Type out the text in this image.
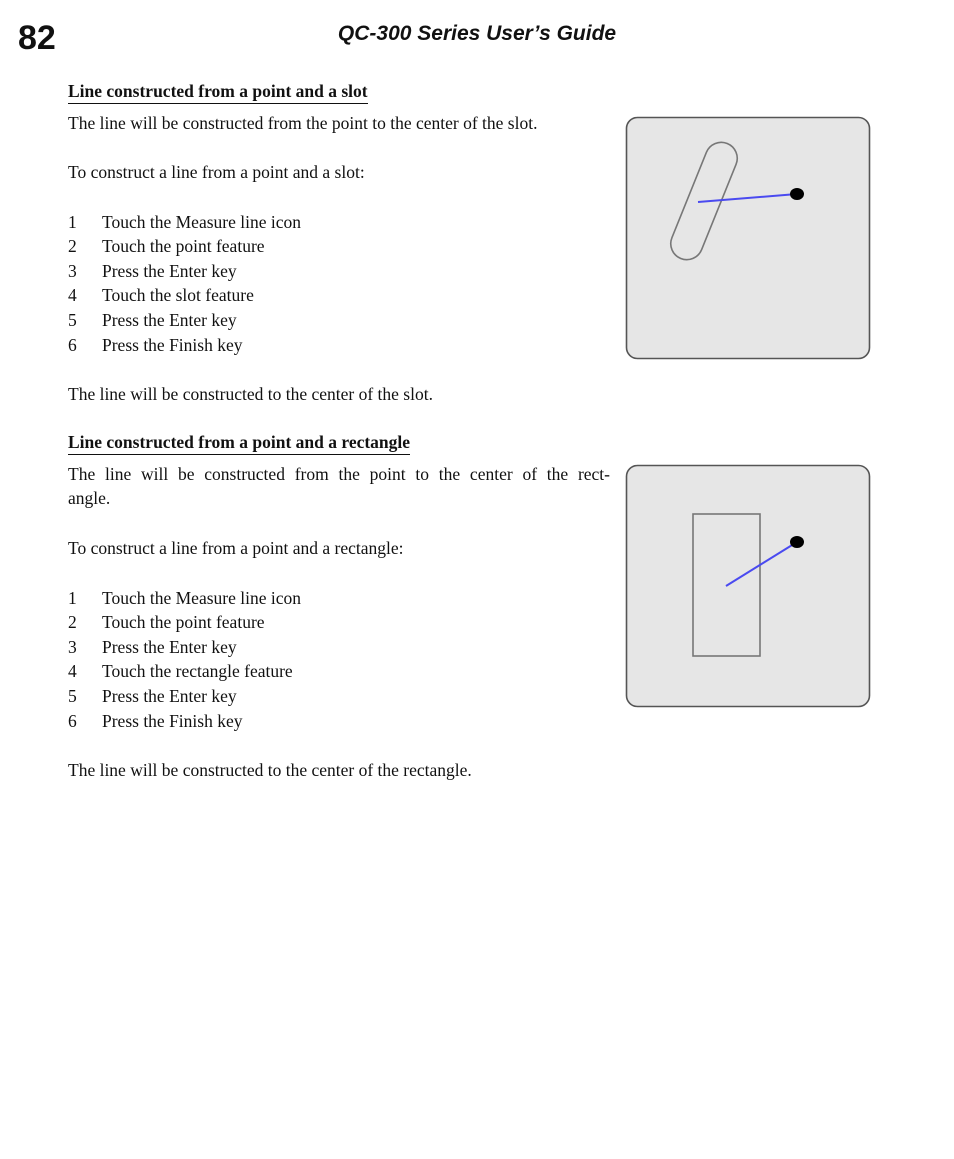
82	QC-300 Series User’s Guide
Line constructed from a point and a slot

The line will be constructed from the point to the center of the slot.

To construct a line from a point and a slot:

1 Touch the Measure line icon
2 Touch the point feature
3 Press the Enter key
4 Touch the slot feature
5 Press the Enter key
6 Press the Finish key

The line will be constructed to the center of the slot.

Line constructed from a point and a rectangle
The line will be constructed from the point to the center of the rect-
angle.

To construct a line from a point and a rectangle:

1 Touch the Measure line icon
2 Touch the point feature
3 Press the Enter key
4 Touch the rectangle feature
5 Press the Enter key
6 Press the Finish key

The line will be constructed to the center of the rectangle.
